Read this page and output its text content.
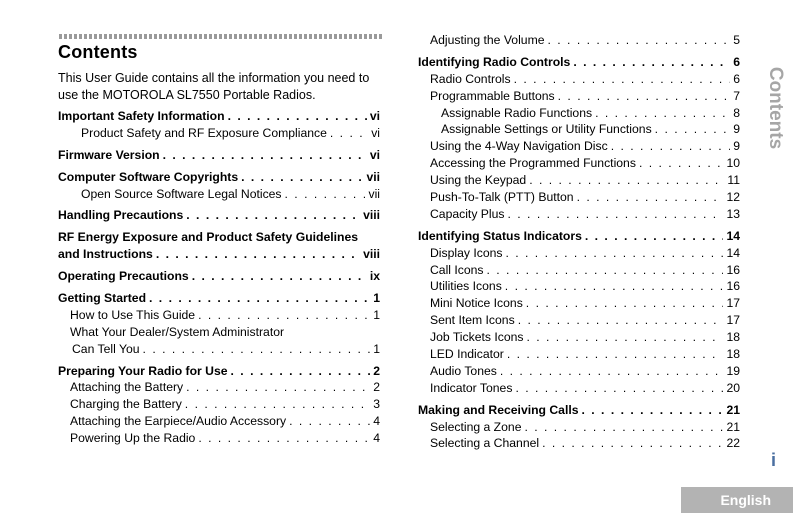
Contents
This User Guide contains all the information you need to use the MOTOROLA SL7550 Portable Radios.
Important Safety Information . . .	vi
Product Safety and RF Exposure Compliance . . .	vi
Firmware Version . . .	vi
Computer Software Copyrights . . .	vii
Open Source Software Legal Notices . . .	vii
Handling Precautions . . .	viii
RF Energy Exposure and Product Safety Guidelines
and Instructions . . .	viii
Operating Precautions . . .	ix
Getting Started . . .	1
How to Use This Guide . . .	1
What Your Dealer/System Administrator
Can Tell You . . .	1
Preparing Your Radio for Use . . .	2
Attaching the Battery . . .	2
Charging the Battery . . .	3
Attaching the Earpiece/Audio Accessory . . .	4
Powering Up the Radio . . .	4
Adjusting the Volume . . .	5
Identifying Radio Controls . . .	6
Radio Controls . . .	6
Programmable Buttons . . .	7
Assignable Radio Functions . . .	8
Assignable Settings or Utility Functions . . .	9
Using the 4-Way Navigation Disc . . .	9
Accessing the Programmed Functions . . .	10
Using the Keypad . . .	11
Push-To-Talk (PTT) Button . . .	12
Capacity Plus . . .	13
Identifying Status Indicators . . .	14
Display Icons . . .	14
Call Icons . . .	16
Utilities Icons . . .	16
Mini Notice Icons . . .	17
Sent Item Icons . . .	17
Job Tickets Icons . . .	18
LED Indicator . . .	18
Audio Tones . . .	19
Indicator Tones . . .	20
Making and Receiving Calls . . .	21
Selecting a Zone . . .	21
Selecting a Channel . . .	22
Contents
i
English
